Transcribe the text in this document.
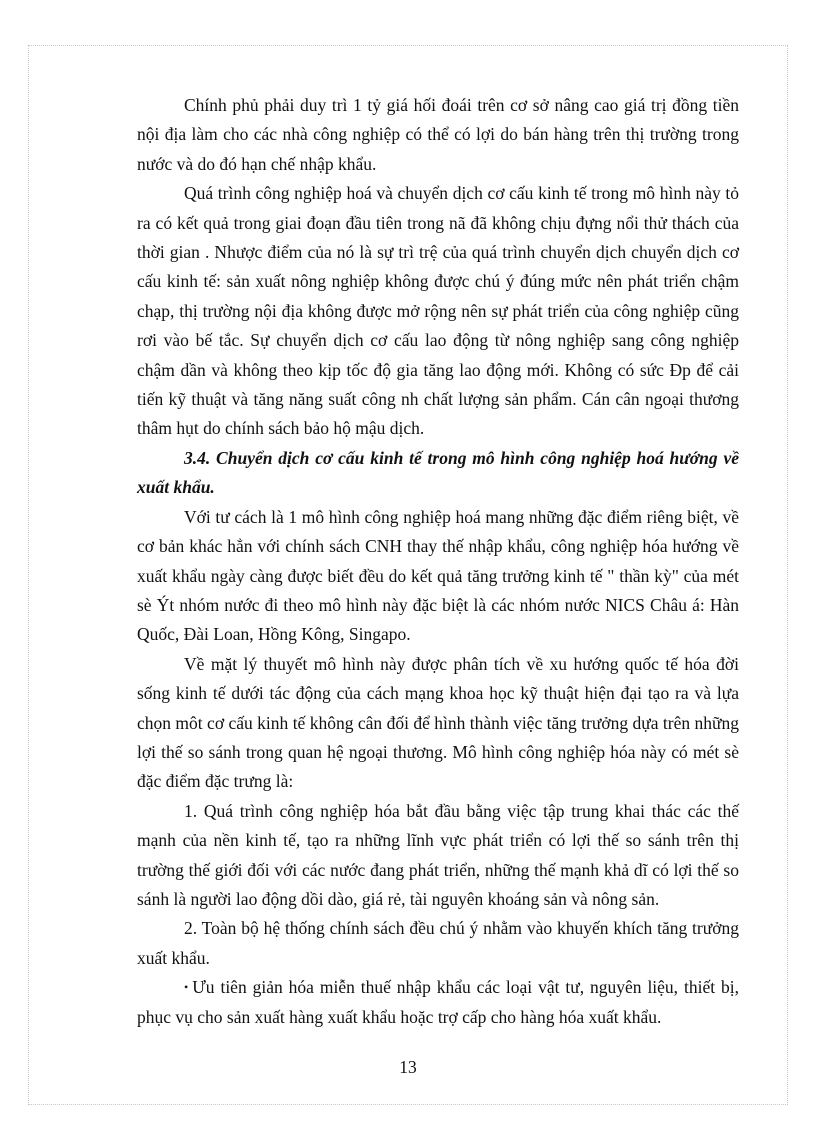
Chính phủ phải duy trì 1 tỷ giá hối đoái trên cơ sở nâng cao giá trị đồng tiền nội địa làm cho các nhà công nghiệp có thể có lợi do bán hàng trên thị trường trong nước và do đó hạn chế nhập khẩu.

Quá trình công nghiệp hoá và chuyển dịch cơ cấu kinh tế trong mô hình này tỏ ra có kết quả trong giai đoạn đầu tiên trong nã đã không chịu đựng nổi thử thách của thời gian . Nhược điểm của nó là sự trì trệ của quá trình chuyển dịch chuyển dịch cơ cấu kinh tế: sản xuất nông nghiệp không được chú ý đúng mức nên phát triển chậm chạp, thị trường nội địa không được mở rộng nên sự phát triển của công nghiệp cũng rơi vào bế tắc. Sự chuyển dịch cơ cấu lao động từ nông nghiệp sang công nghiệp chậm dần và không theo kịp tốc độ gia tăng lao động mới. Không có sức Đp để cải tiến kỹ thuật và tăng năng suất công nh chất lượng sản phẩm. Cán cân ngoại thương thâm hụt do chính sách bảo hộ mậu dịch.

3.4. Chuyển dịch cơ cấu kinh tế trong mô hình công nghiệp hoá hướng về xuất khẩu.

Với tư cách là 1 mô hình công nghiệp hoá mang những đặc điểm riêng biệt, về cơ bản khác hẳn với chính sách CNH thay thế nhập khẩu, công nghiệp hóa hướng về xuất khẩu ngày càng được biết đều do kết quả tăng trưởng kinh tế " thần kỳ" của mét sè Ýt nhóm nước đi theo mô hình này đặc biệt là các nhóm nước NICS Châu á: Hàn Quốc, Đài Loan, Hồng Kông, Singapo.

Về mặt lý thuyết mô hình này được phân tích về xu hướng quốc tế hóa đời sống kinh tế dưới tác động của cách mạng khoa học kỹ thuật hiện đại tạo ra và lựa chọn môt cơ cấu kinh tế không cân đối để hình thành việc tăng trưởng dựa trên những lợi thế so sánh trong quan hệ ngoại thương. Mô hình công nghiệp hóa này có mét sè đặc điểm đặc trưng là:

1. Quá trình công nghiệp hóa bắt đầu bằng việc tập trung khai thác các thế mạnh của nền kinh tế, tạo ra những lĩnh vực phát triển có lợi thế so sánh trên thị trường thế giới đối với các nước đang phát triển, những thế mạnh khả dĩ có lợi thế so sánh là người lao động dồi dào, giá rẻ, tài nguyên khoáng sản và nông sản.

2. Toàn bộ hệ thống chính sách đều chú ý nhằm vào khuyến khích tăng trưởng xuất khẩu.

• Ưu tiên giản hóa miễn thuế nhập khẩu các loại vật tư, nguyên liệu, thiết bị, phục vụ cho sản xuất hàng xuất khẩu hoặc trợ cấp cho hàng hóa xuất khẩu.

13
